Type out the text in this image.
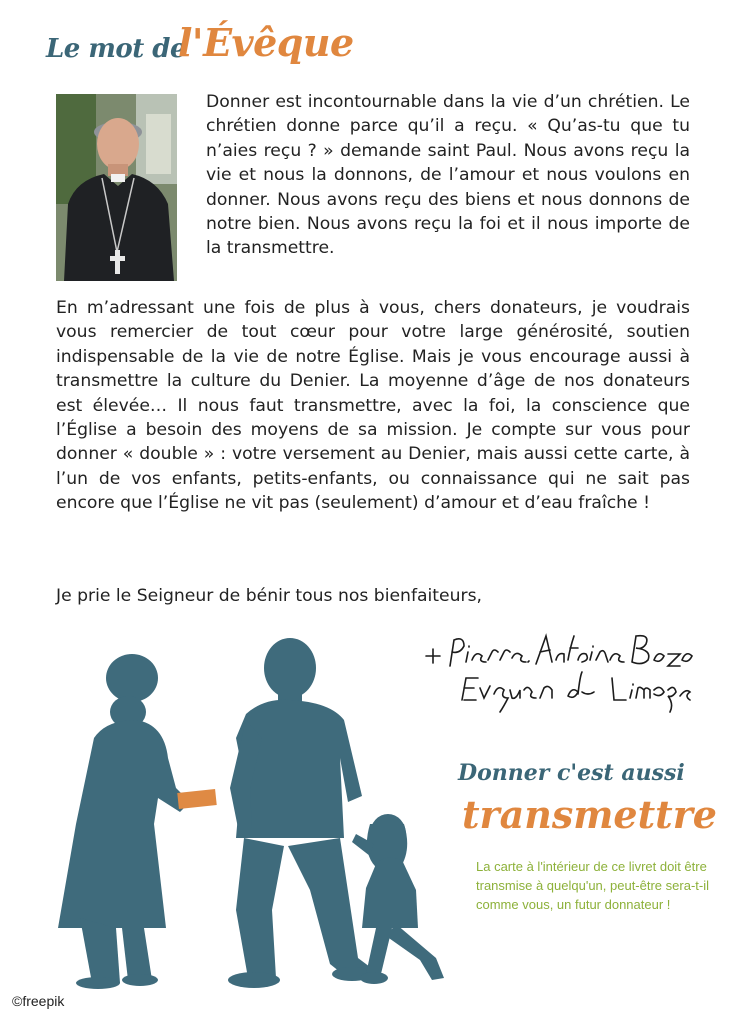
Le mot de
l'Évêque

Donner est incontournable dans la vie d’un chrétien. Le chrétien donne parce qu’il a reçu. « Qu’as-tu que tu n’aies reçu ? » demande saint Paul. Nous avons reçu la vie et nous la donnons, de l’amour et nous voulons en donner. Nous avons reçu des biens et nous donnons de notre bien. Nous avons reçu la foi et il nous importe de la transmettre.

En m’adressant une fois de plus à vous, chers donateurs, je voudrais vous remercier de tout cœur pour votre large générosité, soutien indispensable de la vie de notre Église. Mais je vous encourage aussi à transmettre la culture du Denier. La moyenne d’âge de nos donateurs est élevée… Il nous faut transmettre, avec la foi, la conscience que l’Église a besoin des moyens de sa mission. Je compte sur vous pour donner « double » : votre versement au Denier, mais aussi cette carte, à l’un de vos enfants, petits-enfants, ou connaissance qui ne sait pas encore que l’Église ne vit pas (seulement) d’amour et d’eau fraîche !

Je prie le Seigneur de bénir tous nos bienfaiteurs,

Donner c'est aussi
transmettre

La carte à l'intérieur de ce livret doit être transmise à quelqu'un, peut-être sera-t-il comme vous, un futur donnateur !

©freepik
